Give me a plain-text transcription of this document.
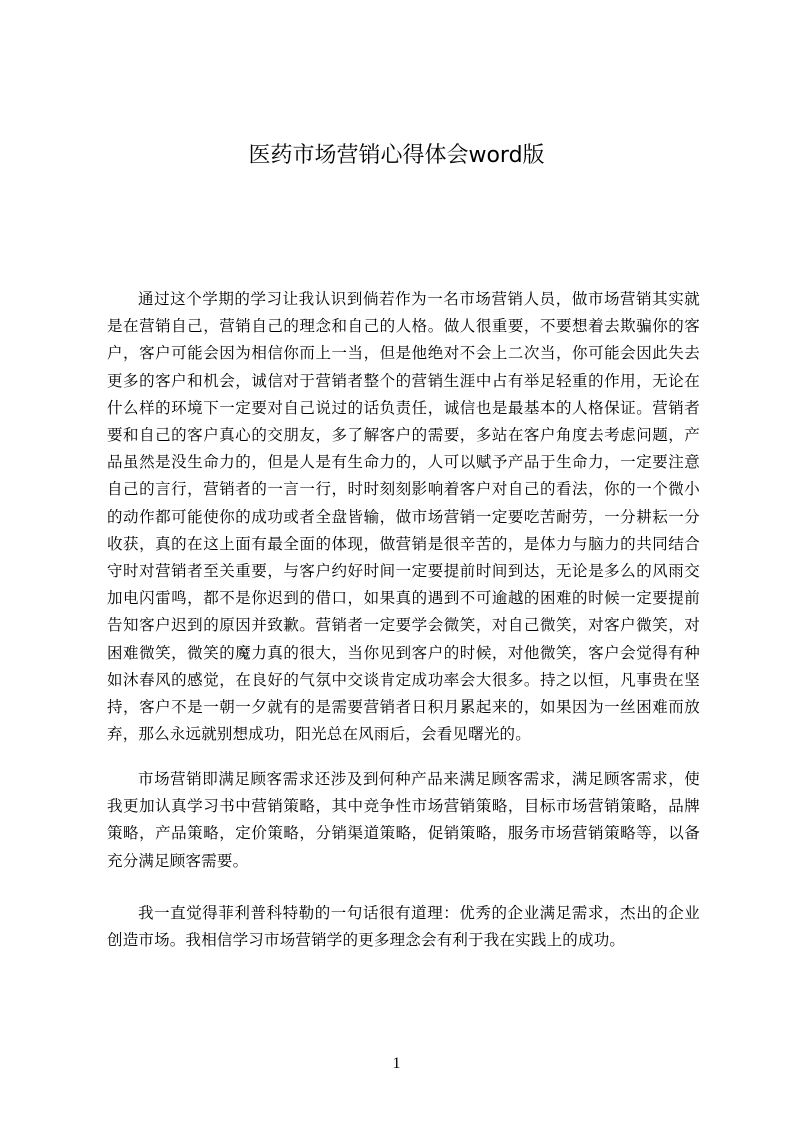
医药市场营销心得体会word版

通过这个学期的学习让我认识到倘若作为一名市场营销人员，做市场营销其实就是在营销自己，营销自己的理念和自己的人格。做人很重要，不要想着去欺骗你的客户，客户可能会因为相信你而上一当，但是他绝对不会上二次当，你可能会因此失去更多的客户和机会，诚信对于营销者整个的营销生涯中占有举足轻重的作用，无论在什么样的环境下一定要对自己说过的话负责任，诚信也是最基本的人格保证。营销者要和自己的客户真心的交朋友，多了解客户的需要，多站在客户角度去考虑问题，产品虽然是没生命力的，但是人是有生命力的，人可以赋予产品于生命力，一定要注意自己的言行，营销者的一言一行，时时刻刻影响着客户对自己的看法，你的一个微小的动作都可能使你的成功或者全盘皆输，做市场营销一定要吃苦耐劳，一分耕耘一分收获，真的在这上面有最全面的体现，做营销是很辛苦的，是体力与脑力的共同结合守时对营销者至关重要，与客户约好时间一定要提前时间到达，无论是多么的风雨交加电闪雷鸣，都不是你迟到的借口，如果真的遇到不可逾越的困难的时候一定要提前告知客户迟到的原因并致歉。营销者一定要学会微笑，对自己微笑，对客户微笑，对困难微笑，微笑的魔力真的很大，当你见到客户的时候，对他微笑，客户会觉得有种如沐春风的感觉，在良好的气氛中交谈肯定成功率会大很多。持之以恒，凡事贵在坚持，客户不是一朝一夕就有的是需要营销者日积月累起来的，如果因为一丝困难而放弃，那么永远就别想成功，阳光总在风雨后，会看见曙光的。

市场营销即满足顾客需求还涉及到何种产品来满足顾客需求，满足顾客需求，使我更加认真学习书中营销策略，其中竞争性市场营销策略，目标市场营销策略，品牌策略，产品策略，定价策略，分销渠道策略，促销策略，服务市场营销策略等，以备充分满足顾客需要。

我一直觉得菲利普科特勒的一句话很有道理：优秀的企业满足需求，杰出的企业创造市场。我相信学习市场营销学的更多理念会有利于我在实践上的成功。

1
